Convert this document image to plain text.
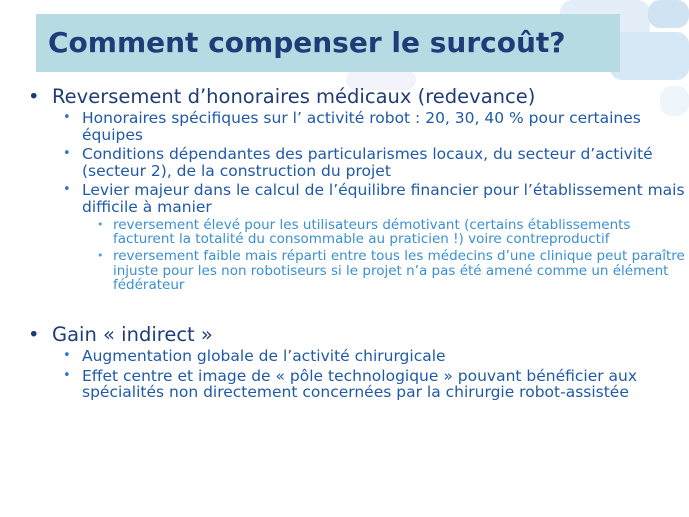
Comment compenser le surcoût?
• Reversement d’honoraires médicaux (redevance)
• Honoraires spécifiques sur l’ activité robot : 20, 30, 40 % pour certaines équipes
• Conditions dépendantes des particularismes locaux, du secteur d’activité (secteur 2), de la construction du projet
• Levier majeur dans le calcul de l’équilibre financier pour l’établissement mais difficile à manier
• reversement élevé pour les utilisateurs démotivant (certains établissements facturent la totalité du consommable au praticien !) voire contreproductif
• reversement faible mais réparti entre tous les médecins d’une clinique peut paraître injuste pour les non robotiseurs si le projet n’a pas été amené comme un élément fédérateur
• Gain « indirect »
• Augmentation globale de l’activité chirurgicale
• Effet centre et image de « pôle technologique » pouvant bénéficier aux spécialités non directement concernées par la chirurgie robot-assistée
